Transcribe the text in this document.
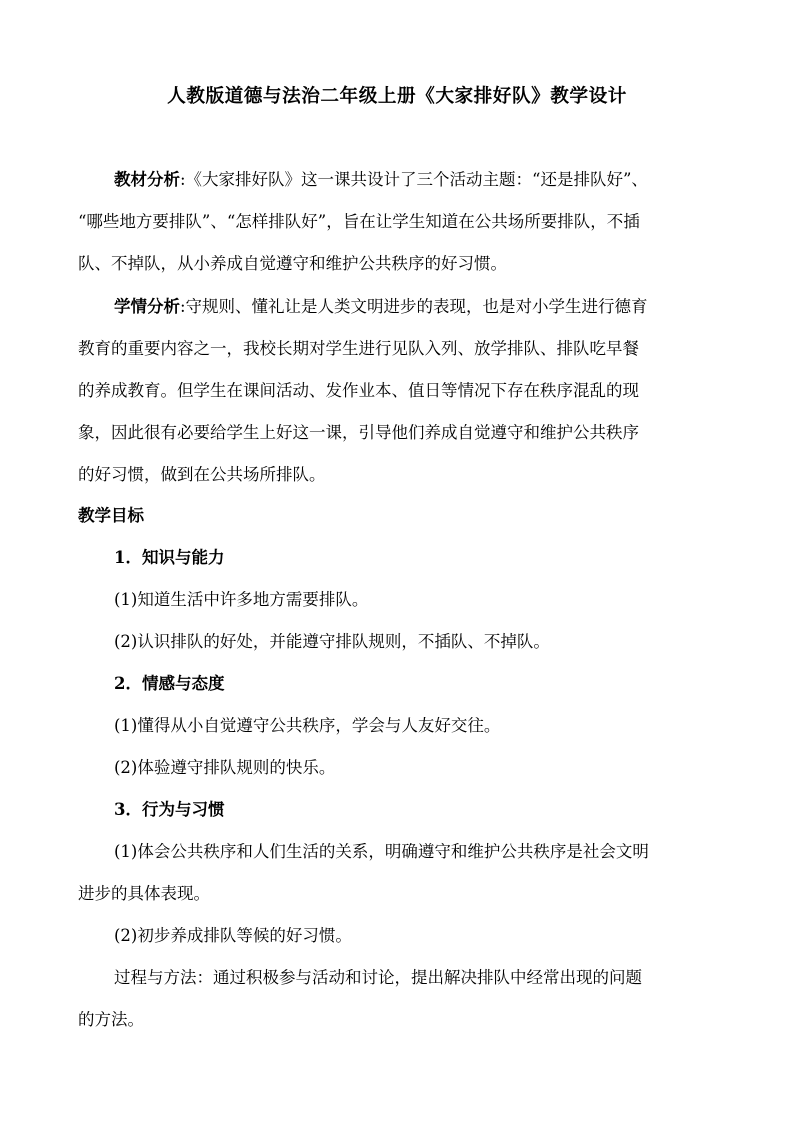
人教版道德与法治二年级上册《大家排好队》教学设计
教材分析:《大家排好队》这一课共设计了三个活动主题：“还是排队好”、
“哪些地方要排队”、“怎样排队好”，旨在让学生知道在公共场所要排队，不插
队、不掉队，从小养成自觉遵守和维护公共秩序的好习惯。
学情分析:守规则、懂礼让是人类文明进步的表现，也是对小学生进行德育
教育的重要内容之一，我校长期对学生进行见队入列、放学排队、排队吃早餐
的养成教育。但学生在课间活动、发作业本、值日等情况下存在秩序混乱的现
象，因此很有必要给学生上好这一课，引导他们养成自觉遵守和维护公共秩序
的好习惯，做到在公共场所排队。
教学目标
1．知识与能力
(1)知道生活中许多地方需要排队。
(2)认识排队的好处，并能遵守排队规则，不插队、不掉队。
2．情感与态度
(1)懂得从小自觉遵守公共秩序，学会与人友好交往。
(2)体验遵守排队规则的快乐。
3．行为与习惯
(1)体会公共秩序和人们生活的关系，明确遵守和维护公共秩序是社会文明
进步的具体表现。
(2)初步养成排队等候的好习惯。
过程与方法：通过积极参与活动和讨论，提出解决排队中经常出现的问题
的方法。
